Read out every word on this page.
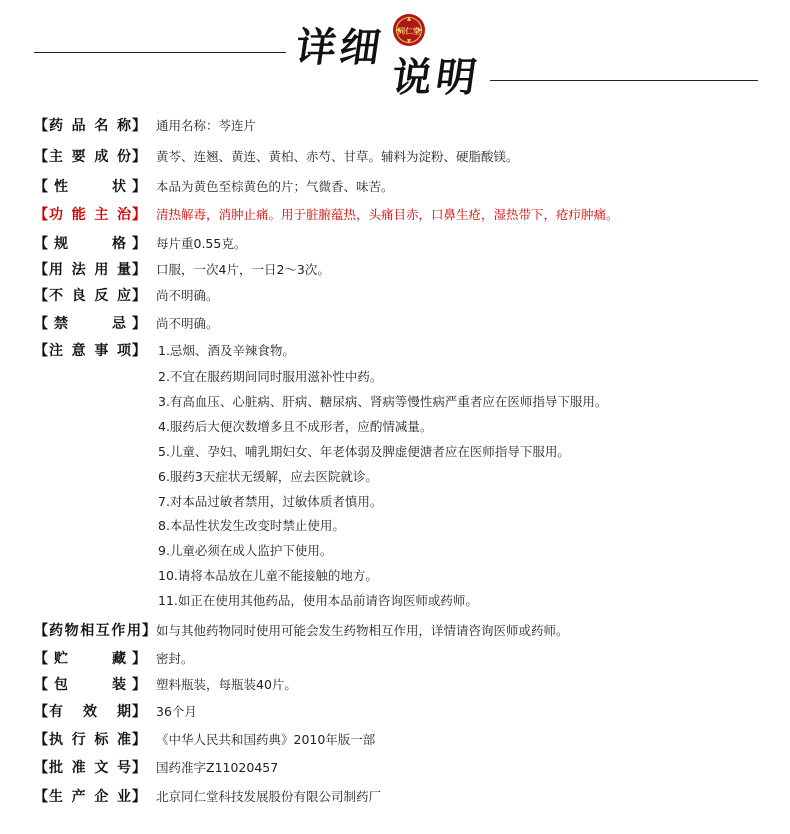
详细
说明
同仁堂
【 药 品 名 称 】 通用名称：芩连片
【 主 要 成 份 】 黄芩、连翘、黄连、黄柏、赤芍、甘草。辅料为淀粉、硬脂酸镁。
【 性	状 】 本品为黄色至棕黄色的片；气微香、味苦。
【 功 能 主 治 】 清热解毒，消肿止痛。用于脏腑蕴热，头痛目赤，口鼻生疮，湿热带下，疮疖肿痛。
【 规	格 】 每片重0.55克。
【 用 法 用 量 】 口服，一次4片，一日2～3次。
【 不 良 反 应 】 尚不明确。
【 禁	忌 】 尚不明确。
【 注 意 事 项 】 1.忌烟、酒及辛辣食物。
2.不宜在服药期间同时服用滋补性中药。
3.有高血压、心脏病、肝病、糖尿病、肾病等慢性病严重者应在医师指导下服用。
4.服药后大便次数增多且不成形者，应酌情减量。
5.儿童、孕妇、哺乳期妇女、年老体弱及脾虚便溏者应在医师指导下服用。
6.服药3天症状无缓解，应去医院就诊。
7.对本品过敏者禁用，过敏体质者慎用。
8.本品性状发生改变时禁止使用。
9.儿童必须在成人监护下使用。
10.请将本品放在儿童不能接触的地方。
11.如正在使用其他药品，使用本品前请咨询医师或药师。
【 药 物 相 互 作 用 】 如与其他药物同时使用可能会发生药物相互作用，详情请咨询医师或药师。
【 贮	藏 】 密封。
【 包	装 】 塑料瓶装，每瓶装40片。
【 有 效 期 】 36个月
【 执 行 标 准 】 《中华人民共和国药典》2010年版一部
【 批 准 文 号 】 国药准字Z11020457
【 生 产 企 业 】 北京同仁堂科技发展股份有限公司制药厂
